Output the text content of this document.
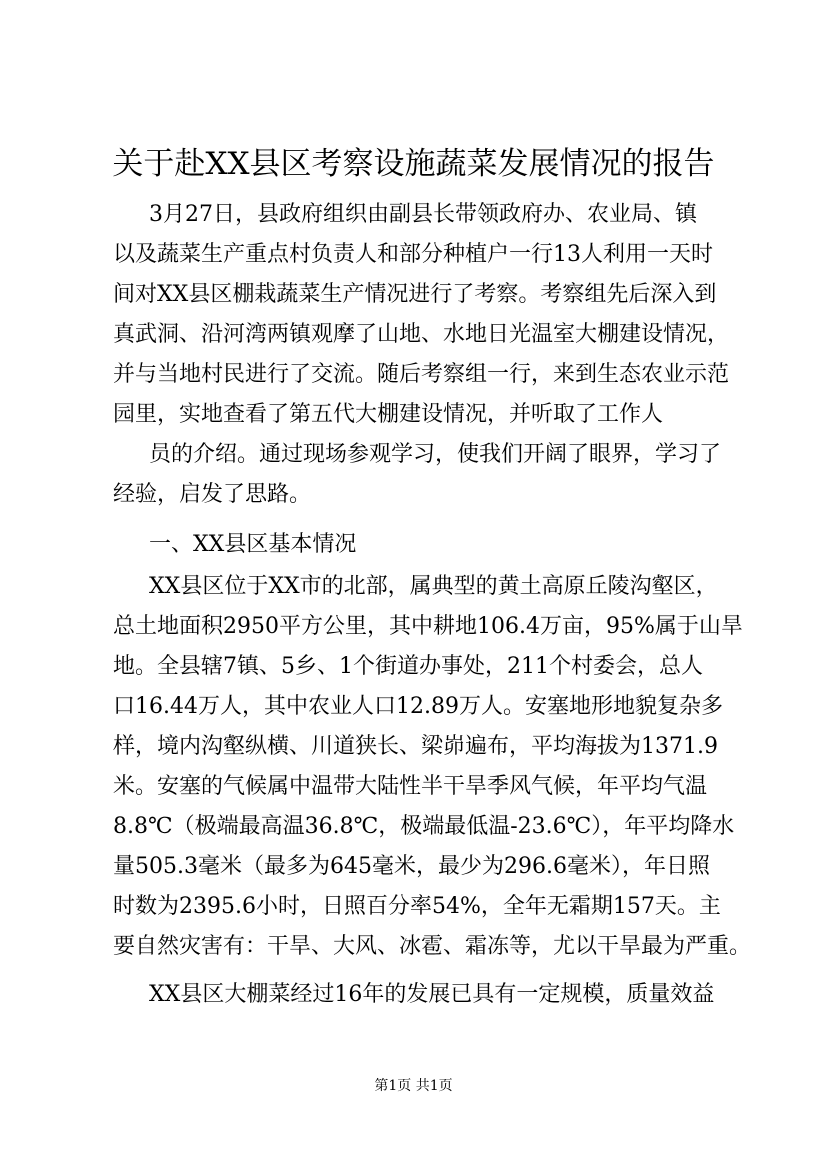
关于赴XX县区考察设施蔬菜发展情况的报告
3月27日，县政府组织由副县长带领政府办、农业局、镇
以及蔬菜生产重点村负责人和部分种植户一行13人利用一天时
间对XX县区棚栽蔬菜生产情况进行了考察。考察组先后深入到
真武洞、沿河湾两镇观摩了山地、水地日光温室大棚建设情况，
并与当地村民进行了交流。随后考察组一行，来到生态农业示范
园里，实地查看了第五代大棚建设情况，并听取了工作人
员的介绍。通过现场参观学习，使我们开阔了眼界，学习了
经验，启发了思路。
一、XX县区基本情况
XX县区位于XX市的北部，属典型的黄土高原丘陵沟壑区，
总土地面积2950平方公里，其中耕地106.4万亩，95%属于山旱
地。全县辖7镇、5乡、1个街道办事处，211个村委会，总人
口16.44万人，其中农业人口12.89万人。安塞地形地貌复杂多
样，境内沟壑纵横、川道狭长、梁峁遍布，平均海拔为1371.9
米。安塞的气候属中温带大陆性半干旱季风气候，年平均气温
8.8℃（极端最高温36.8℃，极端最低温-23.6℃），年平均降水
量505.3毫米（最多为645毫米，最少为296.6毫米），年日照
时数为2395.6小时，日照百分率54%，全年无霜期157天。主
要自然灾害有：干旱、大风、冰雹、霜冻等，尤以干旱最为严重。
XX县区大棚菜经过16年的发展已具有一定规模，质量效益
第1页 共1页
